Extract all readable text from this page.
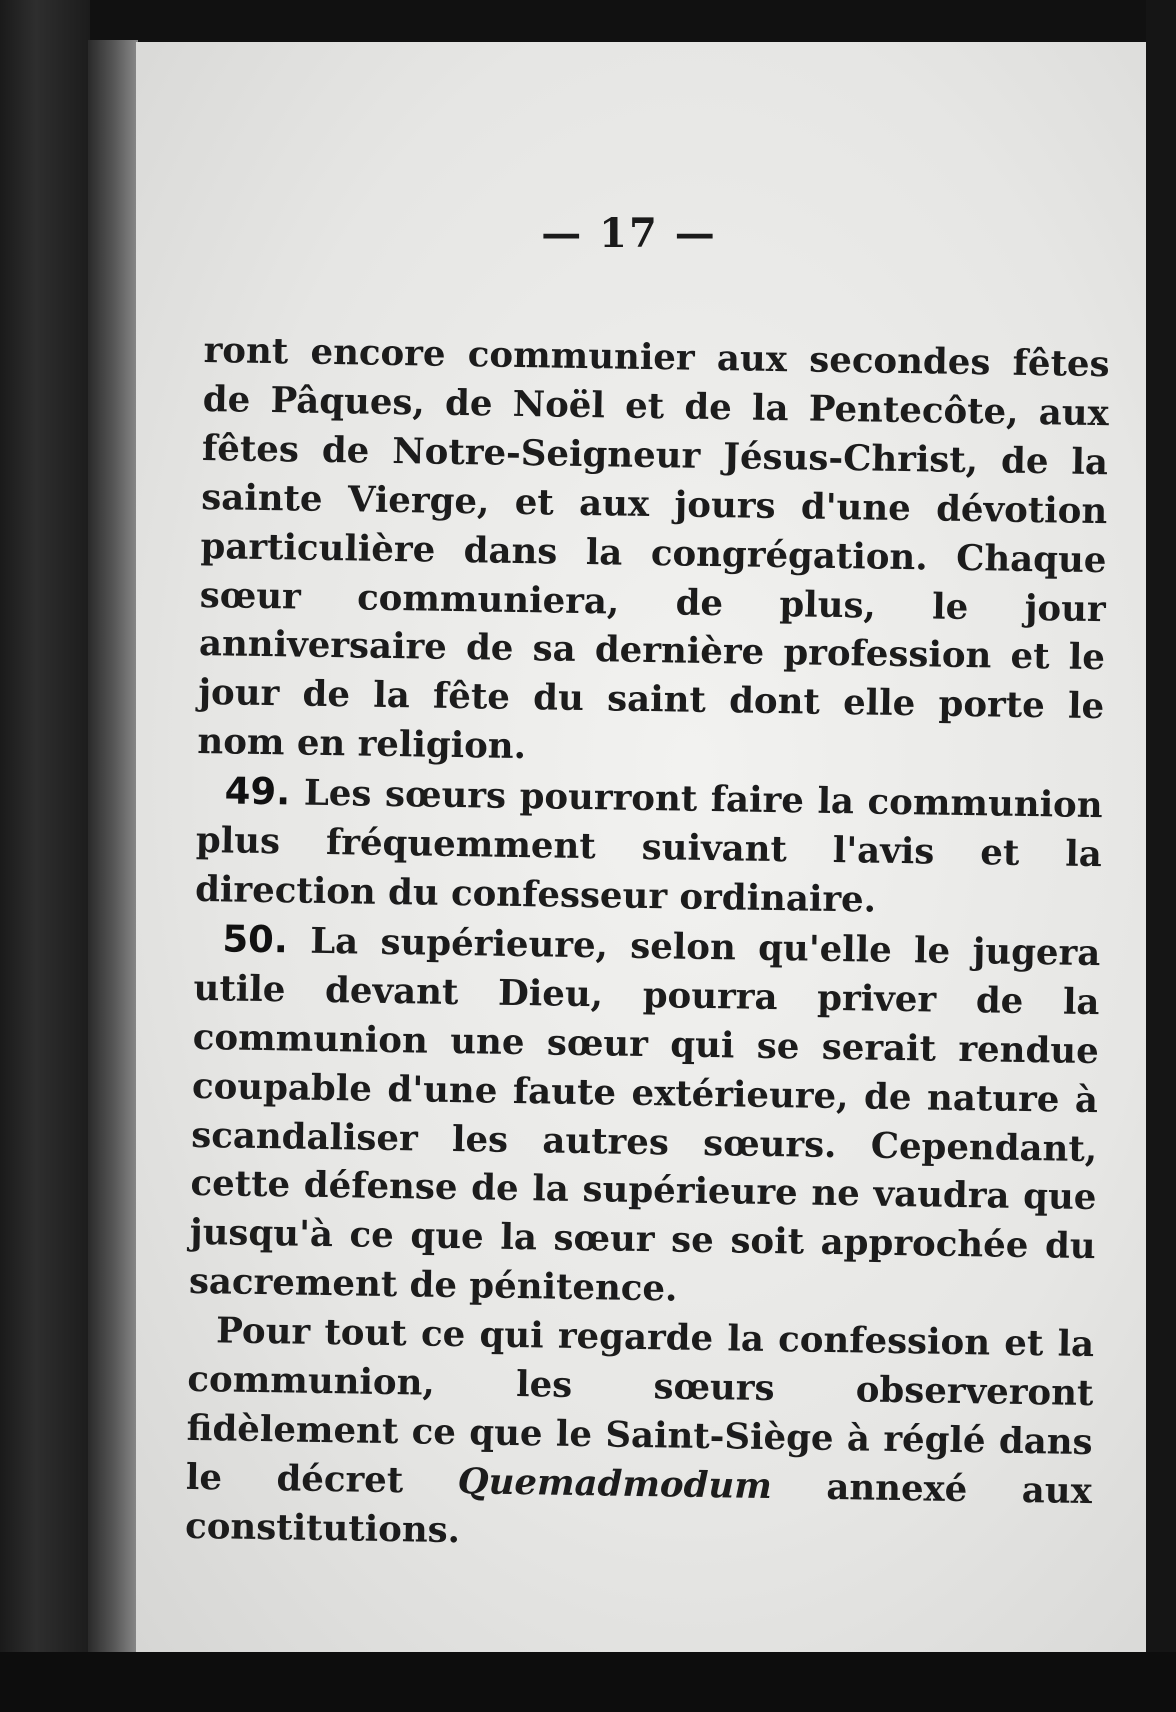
— 17 —

ront encore communier aux secondes fêtes de Pâques, de Noël et de la Pentecôte, aux fêtes de Notre-Seigneur Jésus-Christ, de la sainte Vierge, et aux jours d'une dévotion particulière dans la congrégation. Chaque sœur communiera, de plus, le jour anniversaire de sa dernière profession et le jour de la fête du saint dont elle porte le nom en religion.

49. Les sœurs pourront faire la communion plus fréquemment suivant l'avis et la direction du confesseur ordinaire.

50. La supérieure, selon qu'elle le jugera utile devant Dieu, pourra priver de la communion une sœur qui se serait rendue coupable d'une faute extérieure, de nature à scandaliser les autres sœurs. Cependant, cette défense de la supérieure ne vaudra que jusqu'à ce que la sœur se soit approchée du sacrement de pénitence.

Pour tout ce qui regarde la confession et la communion, les sœurs observeront fidèlement ce que le Saint-Siège à réglé dans le décret Quemadmodum annexé aux constitutions.
